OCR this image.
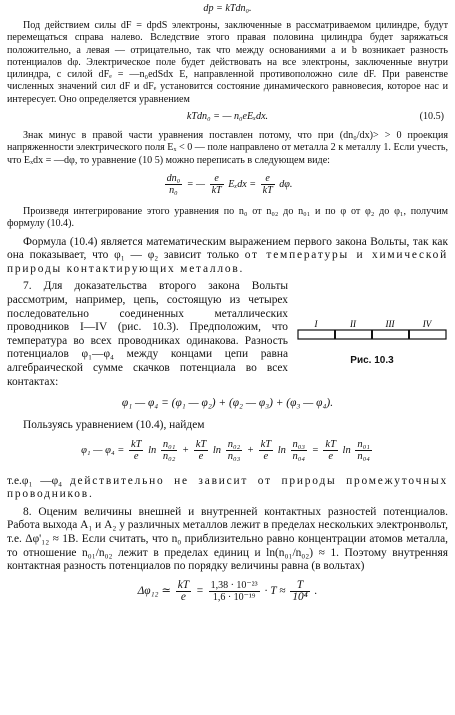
dp = kTdn₀.

Под действием силы dF = dpdS электроны, заключенные в рассматриваемом цилиндре, будут перемещаться справа налево. Вследствие этого правая половина цилиндра будет заряжаться положительно, а левая — отрицательно, так что между основаниями a и b возникает разность потенциалов dφ. Электрическое поле будет действовать на все электроны, заключенные внутри цилиндра, с силой dFₑ = —n₀edSdx E, направленной противоположно силе dF. При равенстве численных значений сил dF и dFₑ установится состояние динамического равновесия, которое нас и интересует. Оно определяется уравнением

kTdn₀ = — n₀eEₓdx.	(10.5)

Знак минус в правой части уравнения поставлен потому, что при (dn₀/dx)> > 0 проекция напряженности электрического поля Eₓ < 0 — поле направлено от металла 2 к металлу 1. Если учесть, что Eₓdx = —dφ, то уравнение (10 5) можно переписать в следующем виде:

$\frac{\text{dn₀}}{\text{n₀}}$ = — $\frac{e}{kT}$ $E_xdx = \frac{e}{kT} d\varphi$.

Произведя интегрирование этого уравнения по n₀ от n₀₂ до n₀₁ и по φ от φ₂ до φ₁, получим формулу (10.4).

Формула (10.4) является математическим выражением первого закона Вольты, так как она показывает, что φ₁ — φ₂ зависит только от температуры и химической природы контактирующих металлов.

I	II	III	IV
Рис. 10.3

7. Для доказательства второго закона Вольты рассмотрим, например, цепь, состоящую из четырех последовательно соединенных металлических проводников I—IV (рис. 10.3). Предположим, что температура во всех проводниках одинакова. Разность потенциалов φ₁—φ₄ между концами цепи равна алгебраической сумме скачков потенциала во всех контактах:

φ₁ — φ₄ = (φ₁ — φ₂) + (φ₂ — φ₃) + (φ₃ — φ₄).

Пользуясь уравнением (10.4), найдем

φ₁ — $\varphi_4 = \frac{kT}{e}$ $\ln \frac{\text{n₀₁}}{\text{n₀₂}} + \frac{kT}{e}$ $\ln \frac{\text{n₀₂}}{\text{n₀₃}} + \frac{kT}{e}$ $\ln \frac{\text{n₀₃}}{\text{n₀₄}} = \frac{kT}{e}$ $\ln \frac{\text{n₀₁}}{\text{n₀₄}}$

т.е.φ₁ —φ₄ действительно не зависит от природы промежуточных проводников.

8. Оценим величины внешней и внутренней контактных разностей потенциалов. Работа выхода A₁ и A₂ у различных металлов лежит в пределах нескольких электронвольт, т.е. Δφ'₁₂ ≈ 1В. Если считать, что n₀ приблизительно равно концентрации атомов металла, то отношение n₀₁/n₀₂ лежит в пределах единиц и ln(n₀₁/n₀₂) ≈ 1. Поэтому внутренняя контактная разность потенциалов по порядку величины равна (в вольтах)

Δφ₁₂ ≃ $\frac{kT}{e} = \frac{\text{1,38 · 10⁻²³}}{\text{1,6 · 10⁻¹⁹}} \cdot T \approx \frac{T}{\text{10⁴}}$ .
